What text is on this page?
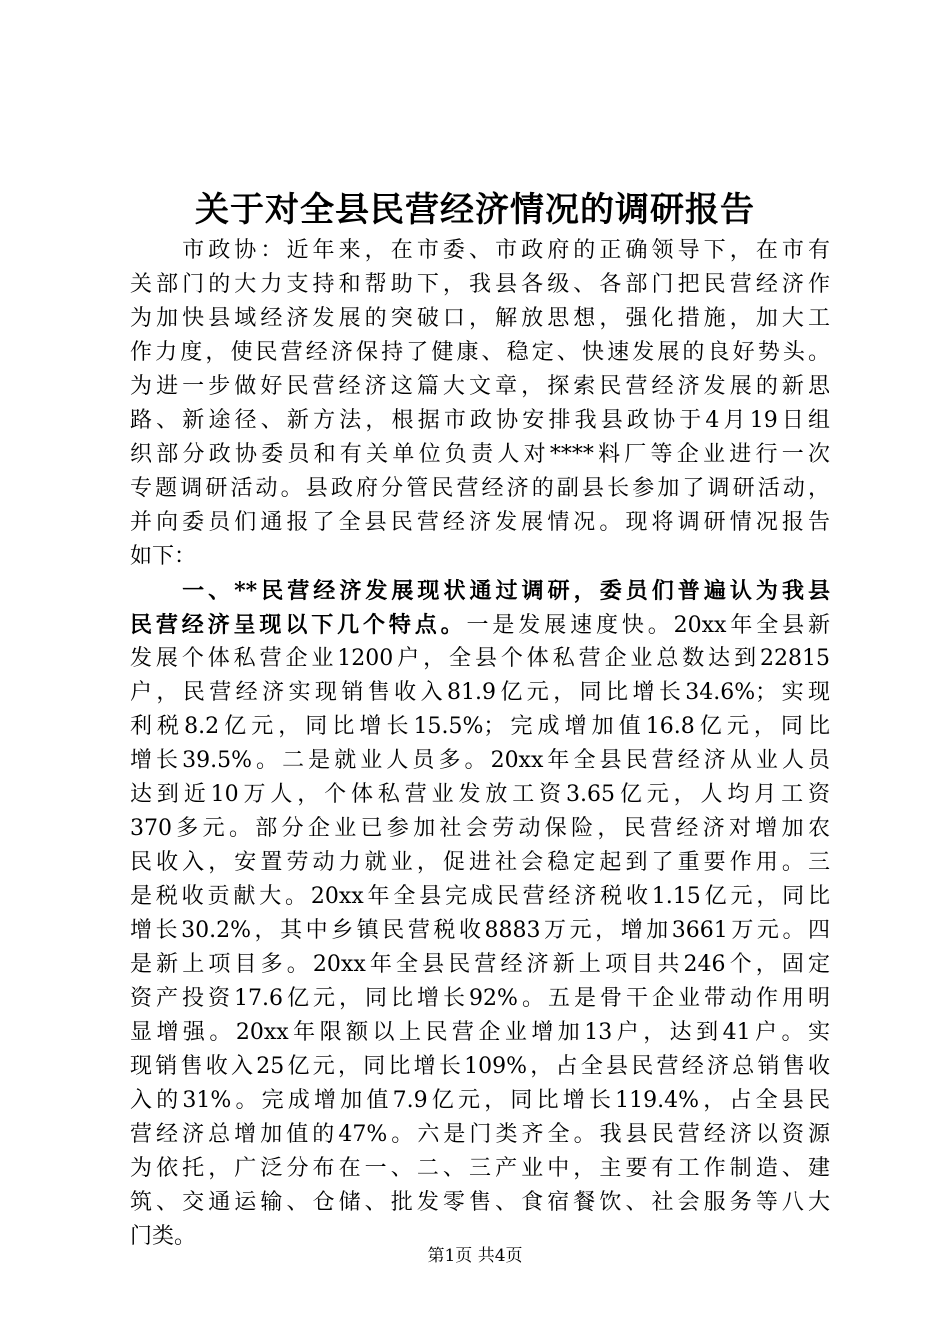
关于对全县民营经济情况的调研报告
　　市政协：近年来，在市委、市政府的正确领导下，在市有
关部门的大力支持和帮助下，我县各级、各部门把民营经济作
为加快县域经济发展的突破口，解放思想，强化措施，加大工
作力度，使民营经济保持了健康、稳定、快速发展的良好势头。
为进一步做好民营经济这篇大文章，探索民营经济发展的新思
路、新途径、新方法，根据市政协安排我县政协于4月19日组
织部分政协委员和有关单位负责人对****料厂等企业进行一次
专题调研活动。县政府分管民营经济的副县长参加了调研活动，
并向委员们通报了全县民营经济发展情况。现将调研情况报告
如下：
　　一、**民营经济发展现状通过调研，委员们普遍认为我县
民营经济呈现以下几个特点。一是发展速度快。20xx年全县新
发展个体私营企业1200户，全县个体私营企业总数达到22815
户，民营经济实现销售收入81.9亿元，同比增长34.6%；实现
利税8.2亿元，同比增长15.5%；完成增加值16.8亿元，同比
增长39.5%。二是就业人员多。20xx年全县民营经济从业人员
达到近10万人，个体私营业发放工资3.65亿元，人均月工资
370多元。部分企业已参加社会劳动保险，民营经济对增加农
民收入，安置劳动力就业，促进社会稳定起到了重要作用。三
是税收贡献大。20xx年全县完成民营经济税收1.15亿元，同比
增长30.2%，其中乡镇民营税收8883万元，增加3661万元。四
是新上项目多。20xx年全县民营经济新上项目共246个，固定
资产投资17.6亿元，同比增长92%。五是骨干企业带动作用明
显增强。20xx年限额以上民营企业增加13户，达到41户。实
现销售收入25亿元，同比增长109%，占全县民营经济总销售收
入的31%。完成增加值7.9亿元，同比增长119.4%，占全县民
营经济总增加值的47%。六是门类齐全。我县民营经济以资源
为依托，广泛分布在一、二、三产业中，主要有工作制造、建
筑、交通运输、仓储、批发零售、食宿餐饮、社会服务等八大
门类。
第1页 共4页
